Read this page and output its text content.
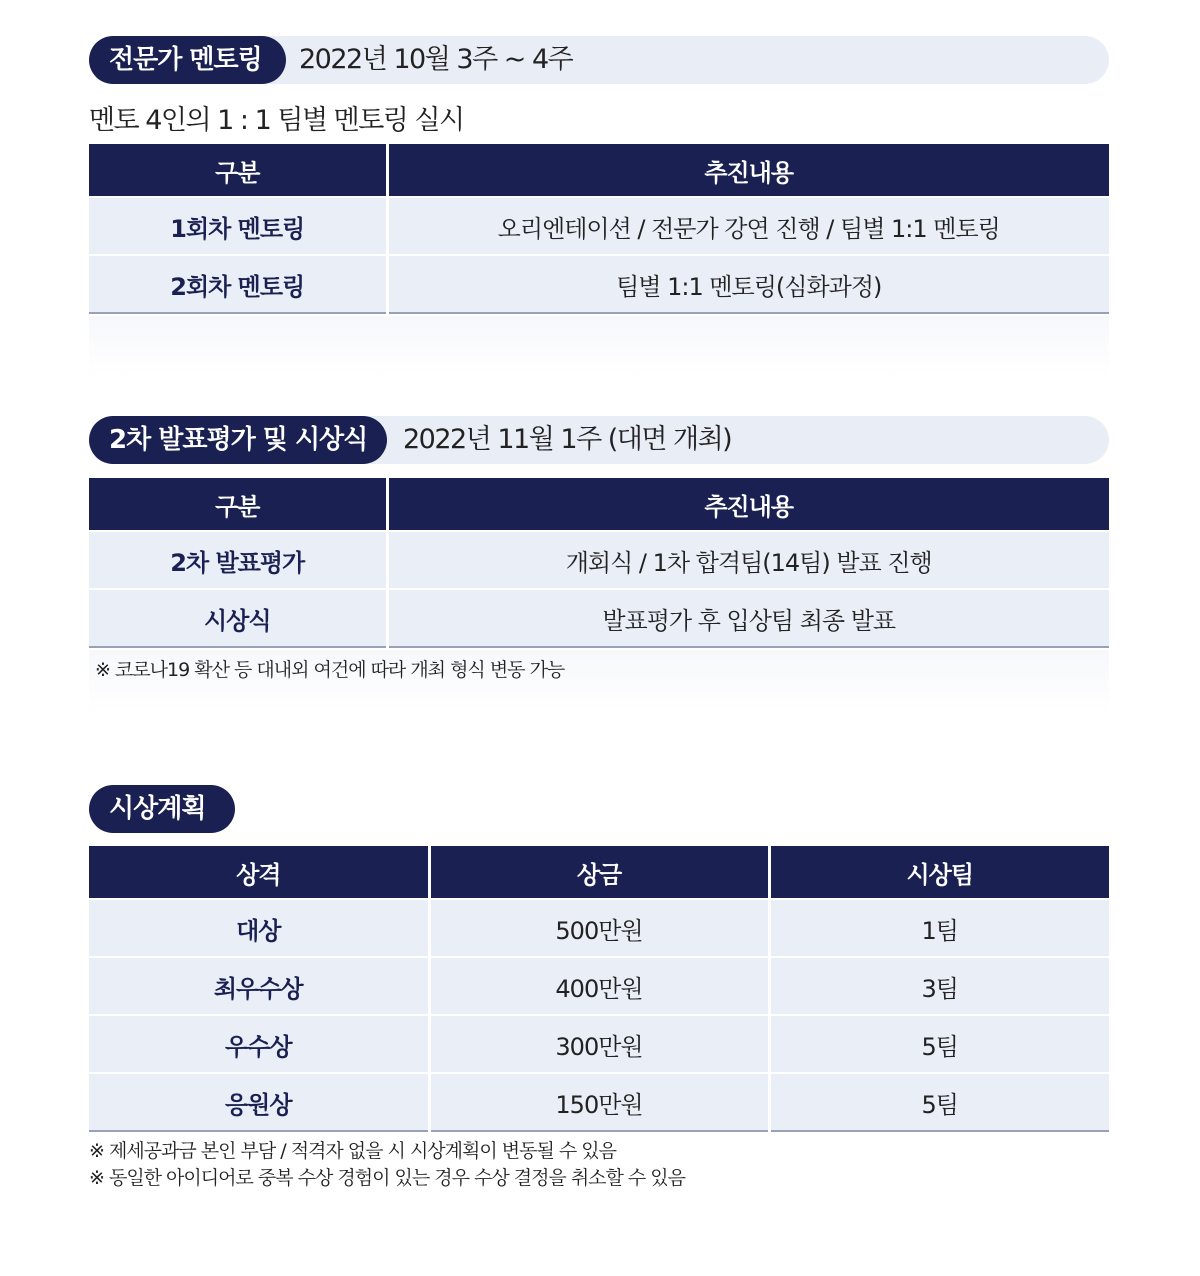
전문가 멘토링	2022년 10월 3주 ~ 4주
멘토 4인의 1 : 1 팀별 멘토링 실시
구분	추진내용
1회차 멘토링	오리엔테이션 / 전문가 강연 진행 / 팀별 1:1 멘토링
2회차 멘토링	팀별 1:1 멘토링(심화과정)
2차 발표평가 및 시상식	2022년 11월 1주 (대면 개최)
구분	추진내용
2차 발표평가	개회식 / 1차 합격팀(14팀) 발표 진행
시상식	발표평가 후 입상팀 최종 발표
※ 코로나19 확산 등 대내외 여건에 따라 개최 형식 변동 가능
시상계획
상격	상금	시상팀
대상	500만원	1팀
최우수상	400만원	3팀
우수상	300만원	5팀
응원상	150만원	5팀
※ 제세공과금 본인 부담 / 적격자 없을 시 시상계획이 변동될 수 있음
※ 동일한 아이디어로 중복 수상 경험이 있는 경우 수상 결정을 취소할 수 있음
